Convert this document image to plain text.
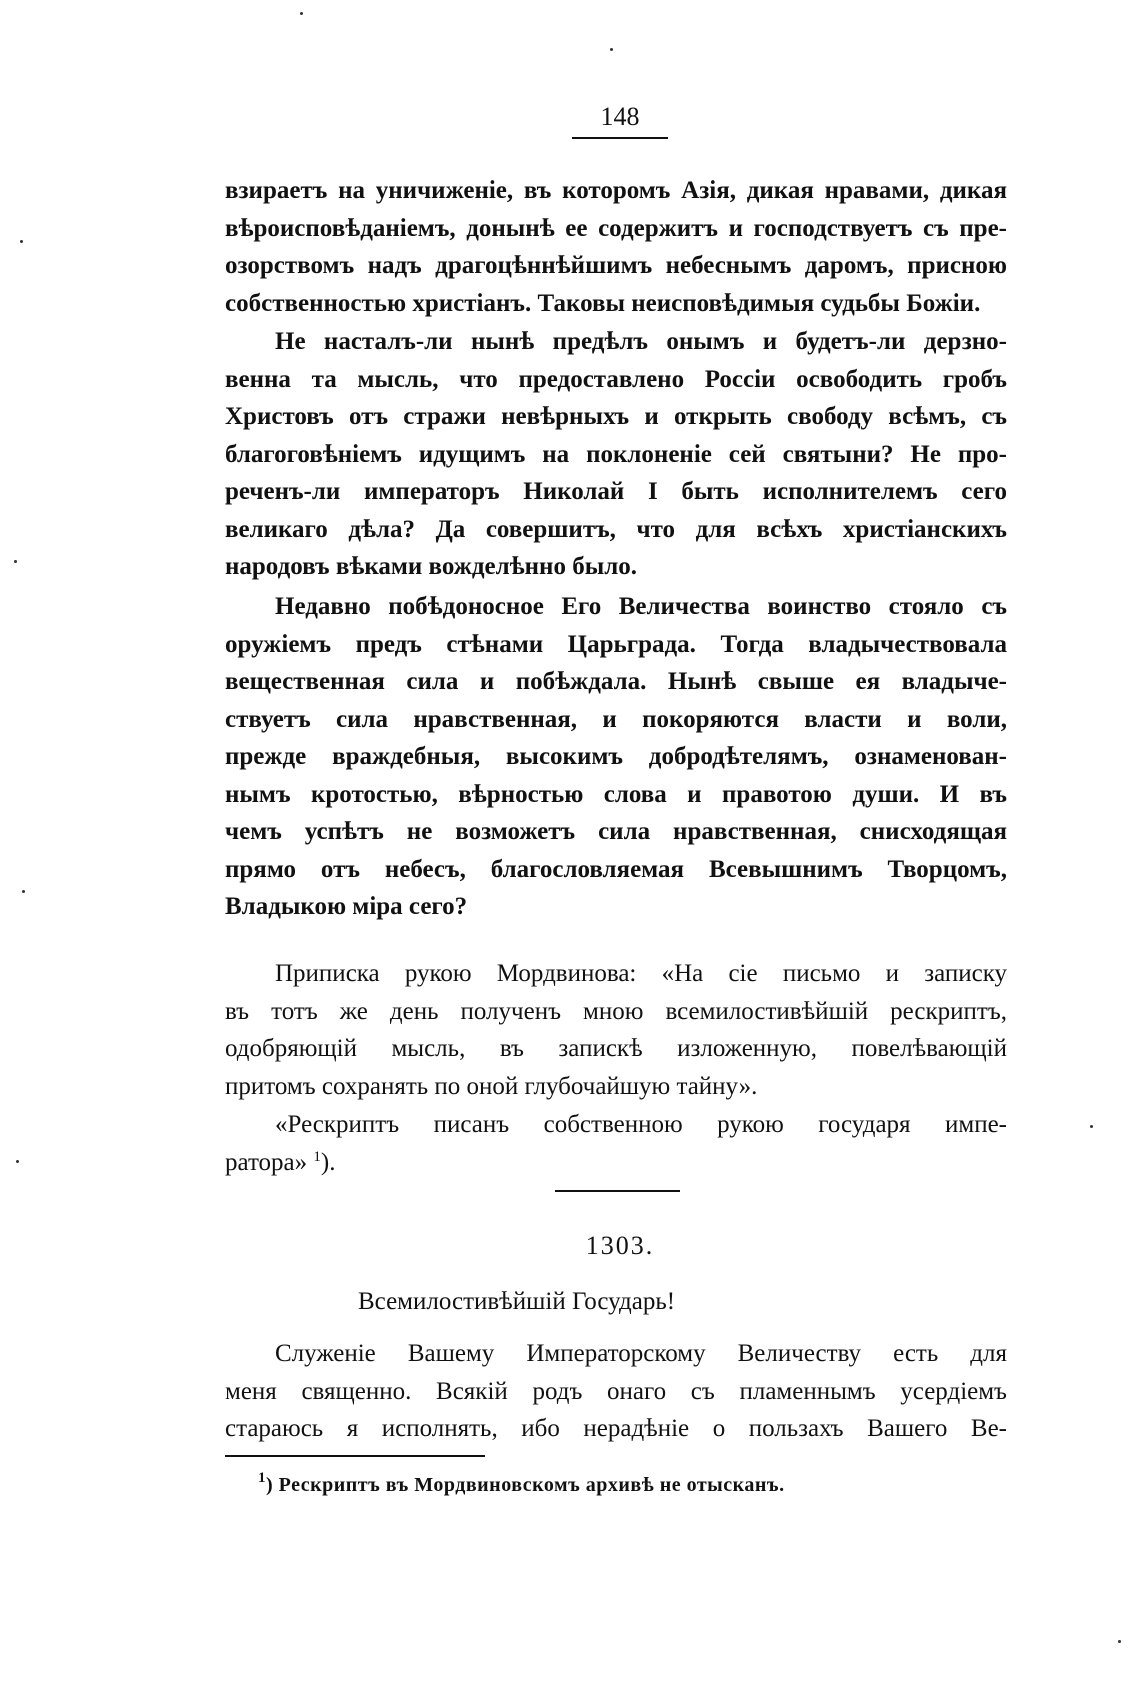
148
взираетъ на уничиженіе, въ которомъ Азія, дикая нравами, дикая
вѣроисповѣданіемъ, донынѣ ее содержитъ и господствуетъ съ пре-
озорствомъ надъ драгоцѣннѣйшимъ небеснымъ даромъ, присною
собственностью христіанъ. Таковы неисповѣдимыя судьбы Божіи.
Не насталъ-ли нынѣ предѣлъ онымъ и будетъ-ли дерзно-
венна та мысль, что предоставлено Россіи освободить гробъ
Христовъ отъ стражи невѣрныхъ и открыть свободу всѣмъ, съ
благоговѣніемъ идущимъ на поклоненіе сей святыни? Не про-
реченъ-ли императоръ Николай I быть исполнителемъ сего
великаго дѣла? Да совершитъ, что для всѣхъ христіанскихъ
народовъ вѣками вожделѣнно было.
Недавно побѣдоносное Его Величества воинство стояло съ
оружіемъ предъ стѣнами Царьграда. Тогда владычествовала
вещественная сила и побѣждала. Нынѣ свыше ея владыче-
ствуетъ сила нравственная, и покоряются власти и воли,
прежде враждебныя, высокимъ добродѣтелямъ, ознаменован-
нымъ кротостью, вѣрностью слова и правотою души. И въ
чемъ успѣтъ не возможетъ сила нравственная, снисходящая
прямо отъ небесъ, благословляемая Всевышнимъ Творцомъ,
Владыкою міра сего?
Приписка рукою Мордвинова: «На сіе письмо и записку
въ тотъ же день полученъ мною всемилостивѣйшій рескриптъ,
одобряющій мысль, въ запискѣ изложенную, повелѣвающій
притомъ сохранять по оной глубочайшую тайну».
«Рескриптъ писанъ собственною рукою государя импе-
ратора» $^1$).
1303.
Всемилостивѣйшій Государь!
Служеніе Вашему Императорскому Величеству есть для
меня священно. Всякій родъ онаго съ пламеннымъ усердіемъ
стараюсь я исполнять, ибо нерадѣніе о пользахъ Вашего Ве-
$^1$) Рескриптъ въ Мордвиновскомъ архивѣ не отысканъ.
